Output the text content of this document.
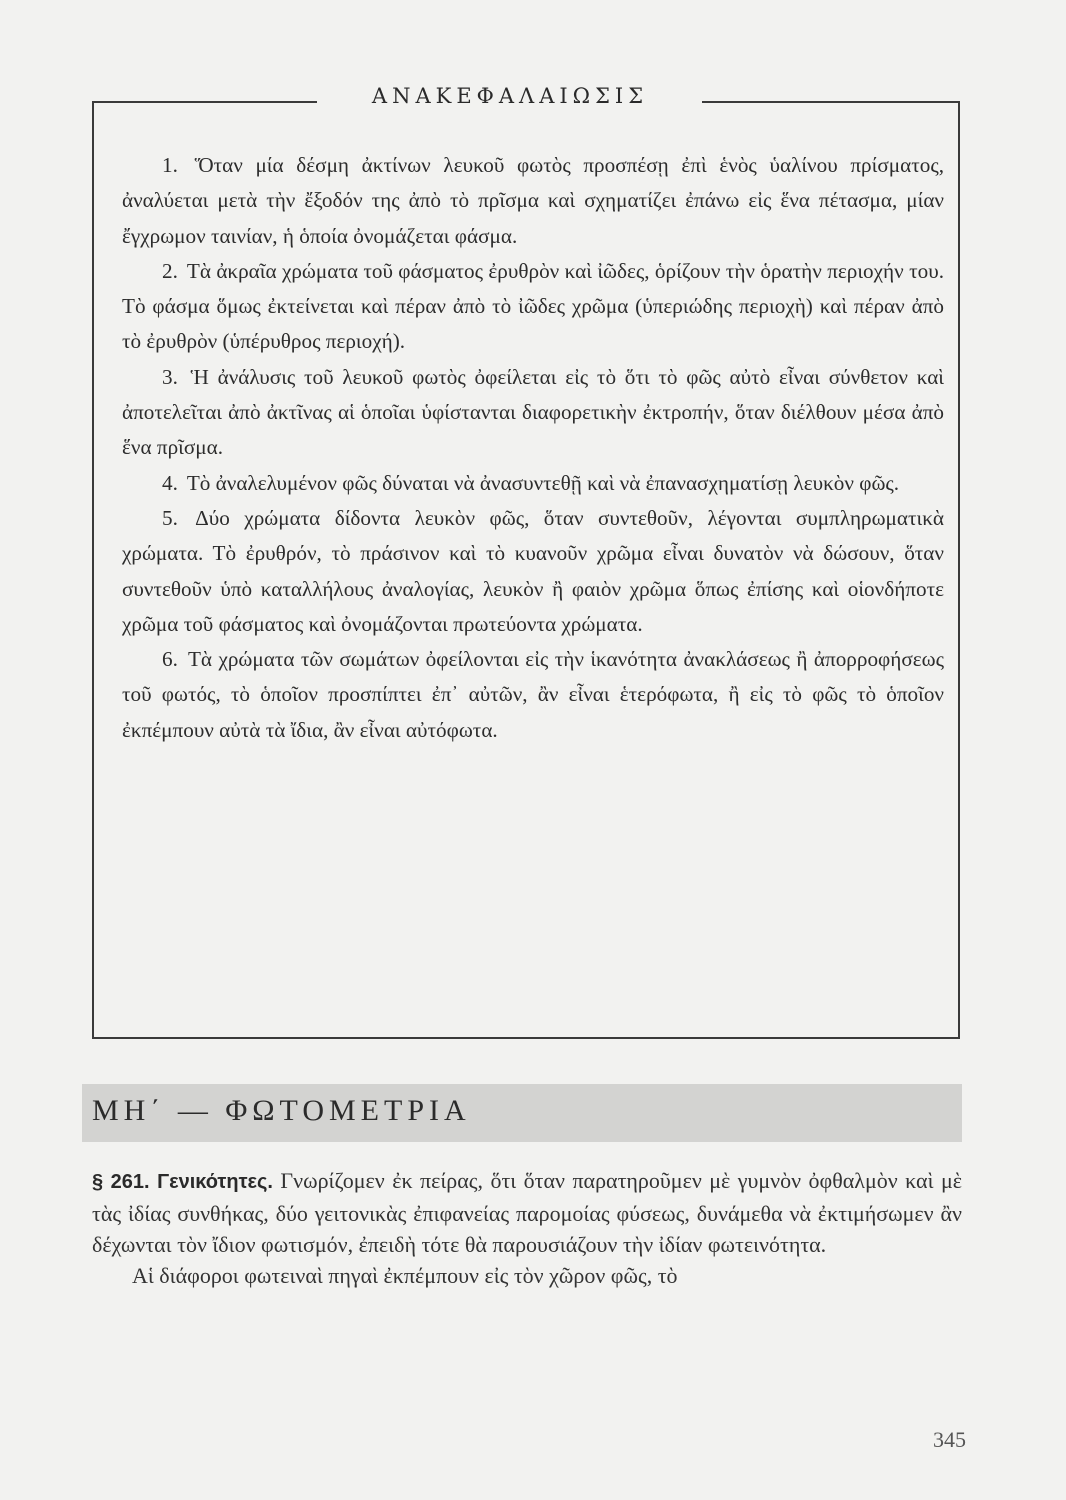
ΑΝΑΚΕΦΑΛΑΙΩΣΙΣ

1. Ὅταν μία δέσμη ἀκτίνων λευκοῦ φωτὸς προσπέσῃ ἐπὶ ἑνὸς ὑαλίνου πρίσματος, ἀναλύεται μετὰ τὴν ἔξοδόν της ἀπὸ τὸ πρῖσμα καὶ σχηματίζει ἐπάνω εἰς ἕνα πέτασμα, μίαν ἔγχρωμον ταινίαν, ἡ ὁποία ὀνομάζεται φάσμα.

2. Τὰ ἀκραῖα χρώματα τοῦ φάσματος ἐρυθρὸν καὶ ἰῶδες, ὁρίζουν τὴν ὁρατὴν περιοχήν του. Τὸ φάσμα ὅμως ἐκτείνεται καὶ πέραν ἀπὸ τὸ ἰῶδες χρῶμα (ὑπεριώδης περιοχὴ) καὶ πέραν ἀπὸ τὸ ἐρυθρὸν (ὑπέρυθρος περιοχή).

3. Ἡ ἀνάλυσις τοῦ λευκοῦ φωτὸς ὀφείλεται εἰς τὸ ὅτι τὸ φῶς αὐτὸ εἶναι σύνθετον καὶ ἀποτελεῖται ἀπὸ ἀκτῖνας αἱ ὁποῖαι ὑφίστανται διαφορετικὴν ἐκτροπήν, ὅταν διέλθουν μέσα ἀπὸ ἕνα πρῖσμα.

4. Τὸ ἀναλελυμένον φῶς δύναται νὰ ἀνασυντεθῇ καὶ νὰ ἐπανασχηματίσῃ λευκὸν φῶς.

5. Δύο χρώματα δίδοντα λευκὸν φῶς, ὅταν συντεθοῦν, λέγονται συμπληρωματικὰ χρώματα. Τὸ ἐρυθρόν, τὸ πράσινον καὶ τὸ κυανοῦν χρῶμα εἶναι δυνατὸν νὰ δώσουν, ὅταν συντεθοῦν ὑπὸ καταλλήλους ἀναλογίας, λευκὸν ἢ φαιὸν χρῶμα ὅπως ἐπίσης καὶ οἱονδήποτε χρῶμα τοῦ φάσματος καὶ ὀνομάζονται πρωτεύοντα χρώματα.

6. Τὰ χρώματα τῶν σωμάτων ὀφείλονται εἰς τὴν ἱκανότητα ἀνακλάσεως ἢ ἀπορροφήσεως τοῦ φωτός, τὸ ὁποῖον προσπίπτει ἐπ᾽ αὐτῶν, ἂν εἶναι ἑτερόφωτα, ἢ εἰς τὸ φῶς τὸ ὁποῖον ἐκπέμπουν αὐτὰ τὰ ἴδια, ἂν εἶναι αὐτόφωτα.

ΜΗ΄ — ΦΩΤΟΜΕΤΡΙΑ

§ 261. Γενικότητες. Γνωρίζομεν ἐκ πείρας, ὅτι ὅταν παρατηροῦμεν μὲ γυμνὸν ὀφθαλμὸν καὶ μὲ τὰς ἰδίας συνθήκας, δύο γειτονικὰς ἐπιφανείας παρομοίας φύσεως, δυνάμεθα νὰ ἐκτιμήσωμεν ἂν δέχωνται τὸν ἴδιον φωτισμόν, ἐπειδὴ τότε θὰ παρουσιάζουν τὴν ἰδίαν φωτεινότητα.

Αἱ διάφοροι φωτειναὶ πηγαὶ ἐκπέμπουν εἰς τὸν χῶρον φῶς, τὸ

345
